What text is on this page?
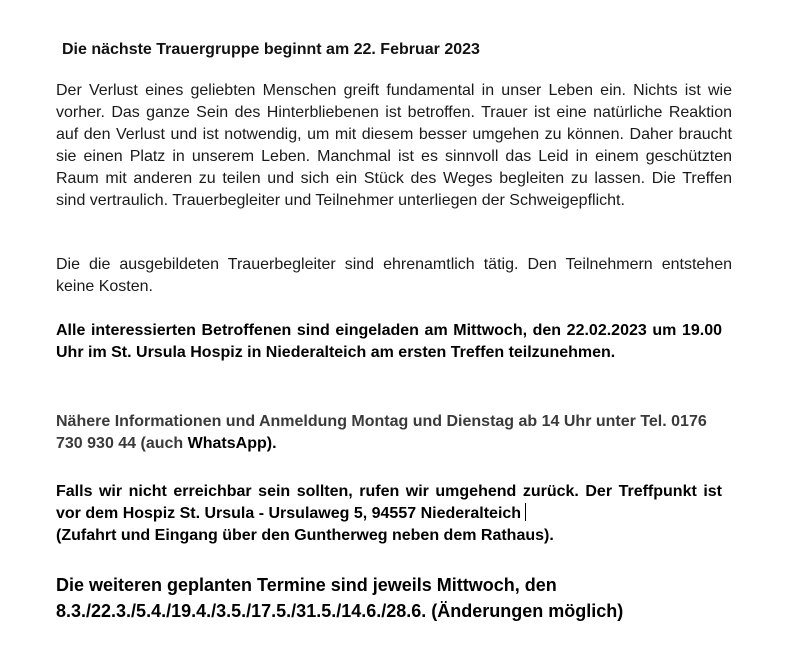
Die nächste Trauergruppe beginnt am 22. Februar 2023

Der Verlust eines geliebten Menschen greift fundamental in unser Leben ein. Nichts ist wie vorher. Das ganze Sein des Hinterbliebenen ist betroffen. Trauer ist eine natürliche Reaktion auf den Verlust und ist notwendig, um mit diesem besser umgehen zu können. Daher braucht sie einen Platz in unserem Leben. Manchmal ist es sinnvoll das Leid in einem geschützten Raum mit anderen zu teilen und sich ein Stück des Weges begleiten zu lassen. Die Treffen sind vertraulich. Trauerbegleiter und Teilnehmer unterliegen der Schweigepflicht.

Die die ausgebildeten Trauerbegleiter sind ehrenamtlich tätig. Den Teilnehmern entstehen keine Kosten.

Alle interessierten Betroffenen sind eingeladen am Mittwoch, den 22.02.2023 um 19.00 Uhr im St. Ursula Hospiz in Niederalteich am ersten Treffen teilzunehmen.

Nähere Informationen und Anmeldung Montag und Dienstag ab 14 Uhr unter Tel. 0176 730 930 44 (auch WhatsApp).

Falls wir nicht erreichbar sein sollten, rufen wir umgehend zurück. Der Treffpunkt ist vor dem Hospiz St. Ursula - Ursulaweg 5, 94557 Niederalteich
(Zufahrt und Eingang über den Guntherweg neben dem Rathaus).

Die weiteren geplanten Termine sind jeweils Mittwoch, den
8.3./22.3./5.4./19.4./3.5./17.5./31.5./14.6./28.6. (Änderungen möglich)
